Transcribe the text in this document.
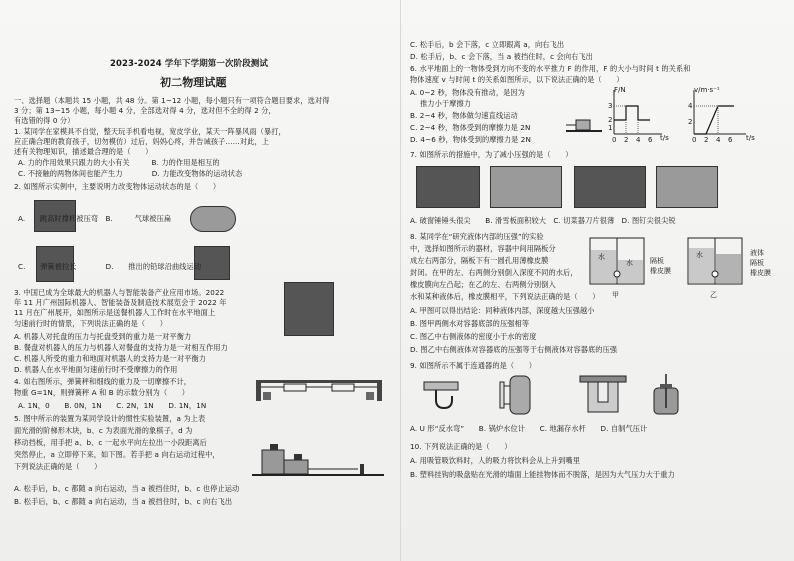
2023-2024 学年下学期第一次阶段测试
初二物理试题
一、选择题（本题共 15 小题，共 48 分。第 1~12 小题，每小题只有一项符合题目要求，选对得
3 分；第 13~15 小题，每小题 4 分，全部选对得 4 分，选对但不全的得 2 分，
有选错的得 0 分）
1. 某同学在家模具不自觉，整天玩手机看电视，宽皮学业，某天一阵暴风雨（暴打，
应正确合理的教育孩子，切勿模仿）过后，妈妈心疼，并告诫孩子……对此，上
述有关物理知识，描述最合理的是（　　）
A. 力的作用效果只跟力的大小有关　　　B. 力的作用是相互的
C. 不接触的两物体间也能产生力　　　　D. 力能改变物体的运动状态
2. 如图所示实例中，主要说明力改变物体运动状态的是（　　）
A.　　跳高时撑杆被压弯　B.　　　气球被压扁
C.　　弹簧被拉长　　　　D.　　推出的铅球沿曲线运动
3. 中国已成为全球最大的机器人与智能装备产业应用市场。2022
年 11 月广州国际机器人、智能装备及制造技术展览会于 2022 年
11 月在广州展开，如图所示是送餐机器人工作时在水平地面上
匀速前行时的情景，下列说法正确的是（　　）
A. 机器人对托盘的压力与托盘受到的重力是一对平衡力
B. 餐盘对机器人的压力与机器人对餐盘的支持力是一对相互作用力
C. 机器人所受的重力和地面对机器人的支持力是一对平衡力
D. 机器人在水平地面匀速前行时不受摩擦力的作用
4. 如右图所示，弹簧秤和细线的重力及一切摩擦不计，
物重 G=1N，则弹簧秤 A 和 B 的示数分别为（　　）
A. 1N，0　　B. 0N，1N　　C. 2N，1N　　D. 1N，1N
5. 图中所示的装置为某同学设计的惯性实验装置，a 为上表
面光滑的阶梯形木块，b、c 为表面光滑的象棋子，d 为
移动挡板，用手把 a、b、c 一起水平向左拉出一小段距离后
突然停止，a 立即停下来，如下图。若手把 a 向右运动过程中，
下列说法正确的是（　　）
A. 松手后，b、c 都随 a 向右运动，当 a 被挡住时，b、c 也停止运动
B. 松手后，b、c 都随 a 向右运动，当 a 被挡住时，b、c 向右飞出
C. 松手后，b 会下落，c 立即跟离 a，向右飞出
D. 松手后，b、c 会下落，当 a 被挡住时，c 会向右飞出
6. 水平地面上的一物体受到方向不变的水平推力 F 的作用，F 的大小与时间 t 的关系和
物体速度 v 与时间 t 的关系如图所示，以下说法正确的是（　　）
A. 0~2 秒，物体没有推动，是因为
推力小于摩擦力
B. 2~4 秒，物体做匀速直线运动
C. 2~4 秒，物体受到的摩擦力是 2N
D. 4~6 秒，物体受到的摩擦力是 2N
F/N
t/s
3
2
1
0 2 4 6
v/m·s⁻¹
t/s
4
2
0 2 4 6
7. 如图所示的措施中，为了减小压强的是（　　）
A. 破窗锤锤头很尖　　B. 滑雪板面积较大　C. 切菜器刀片很薄　D. 图钉尖很尖锐
8. 某同学在“研究液体内部的压强”的实验
中，选择如图所示的器材，容器中间用隔板分
成左右两部分，隔板下有一圆孔用薄橡皮膜
封闭。在甲的左、右两侧分别倒入深度不同的水后，
橡皮膜向左凸起；在乙的左、右两侧分别倒入
水和某种液体后，橡皮膜相平，下列说法正确的是（　　）
水
水 隔板
橡皮膜
甲
水	液体
隔板
橡皮膜
乙
A. 甲图可以得出结论：同种液体内部，深度越大压强越小
B. 图甲两侧水对容器底部的压强相等
C. 图乙中右侧液体的密度小于水的密度
D. 图乙中右侧液体对容器底的压强等于右侧液体对容器底的压强
9. 如图所示不属于连通器的是（　　）
A. U 形“反水弯”　　B. 锅炉水位计　　C. 地漏存水杆　　D. 自制气压计
10. 下列说法正确的是（　　）
A. 用吸管吸饮料时，人的吸力将饮料会从上升到嘴里
B. 塑料挂钩的吸盘贴在光滑的墙面上能挂物体而不脱落，是因为大气压力大于重力
